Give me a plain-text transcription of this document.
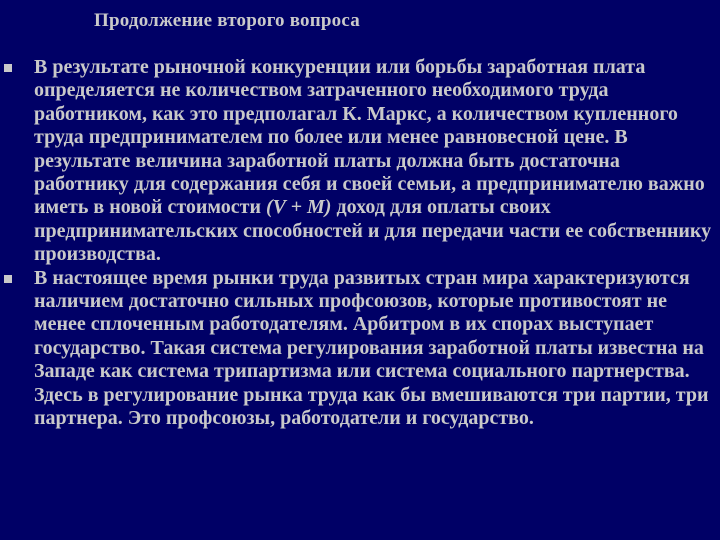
Продолжение второго вопроса

В результате рыночной конкуренции или борьбы заработная плата определяется не количеством затраченного необходимого труда работником, как это предполагал К. Маркс, а количеством купленного труда предпринимателем по более или менее равновесной цене. В результате величина заработной платы должна быть достаточна работнику для содержания себя и своей семьи, а предпринимателю важно иметь в новой стоимости (V + M) доход для оплаты своих предпринимательских способностей и для передачи части ее собственнику производства.

В настоящее время рынки труда развитых стран мира характеризуются наличием достаточно сильных профсоюзов, которые противостоят не менее сплоченным работодателям. Арбитром в их спорах выступает государство. Такая система регулирования заработной платы известна на Западе как система трипартизма или система социального партнерства. Здесь в регулирование рынка труда как бы вмешиваются три партии, три партнера. Это профсоюзы, работодатели и государство.
